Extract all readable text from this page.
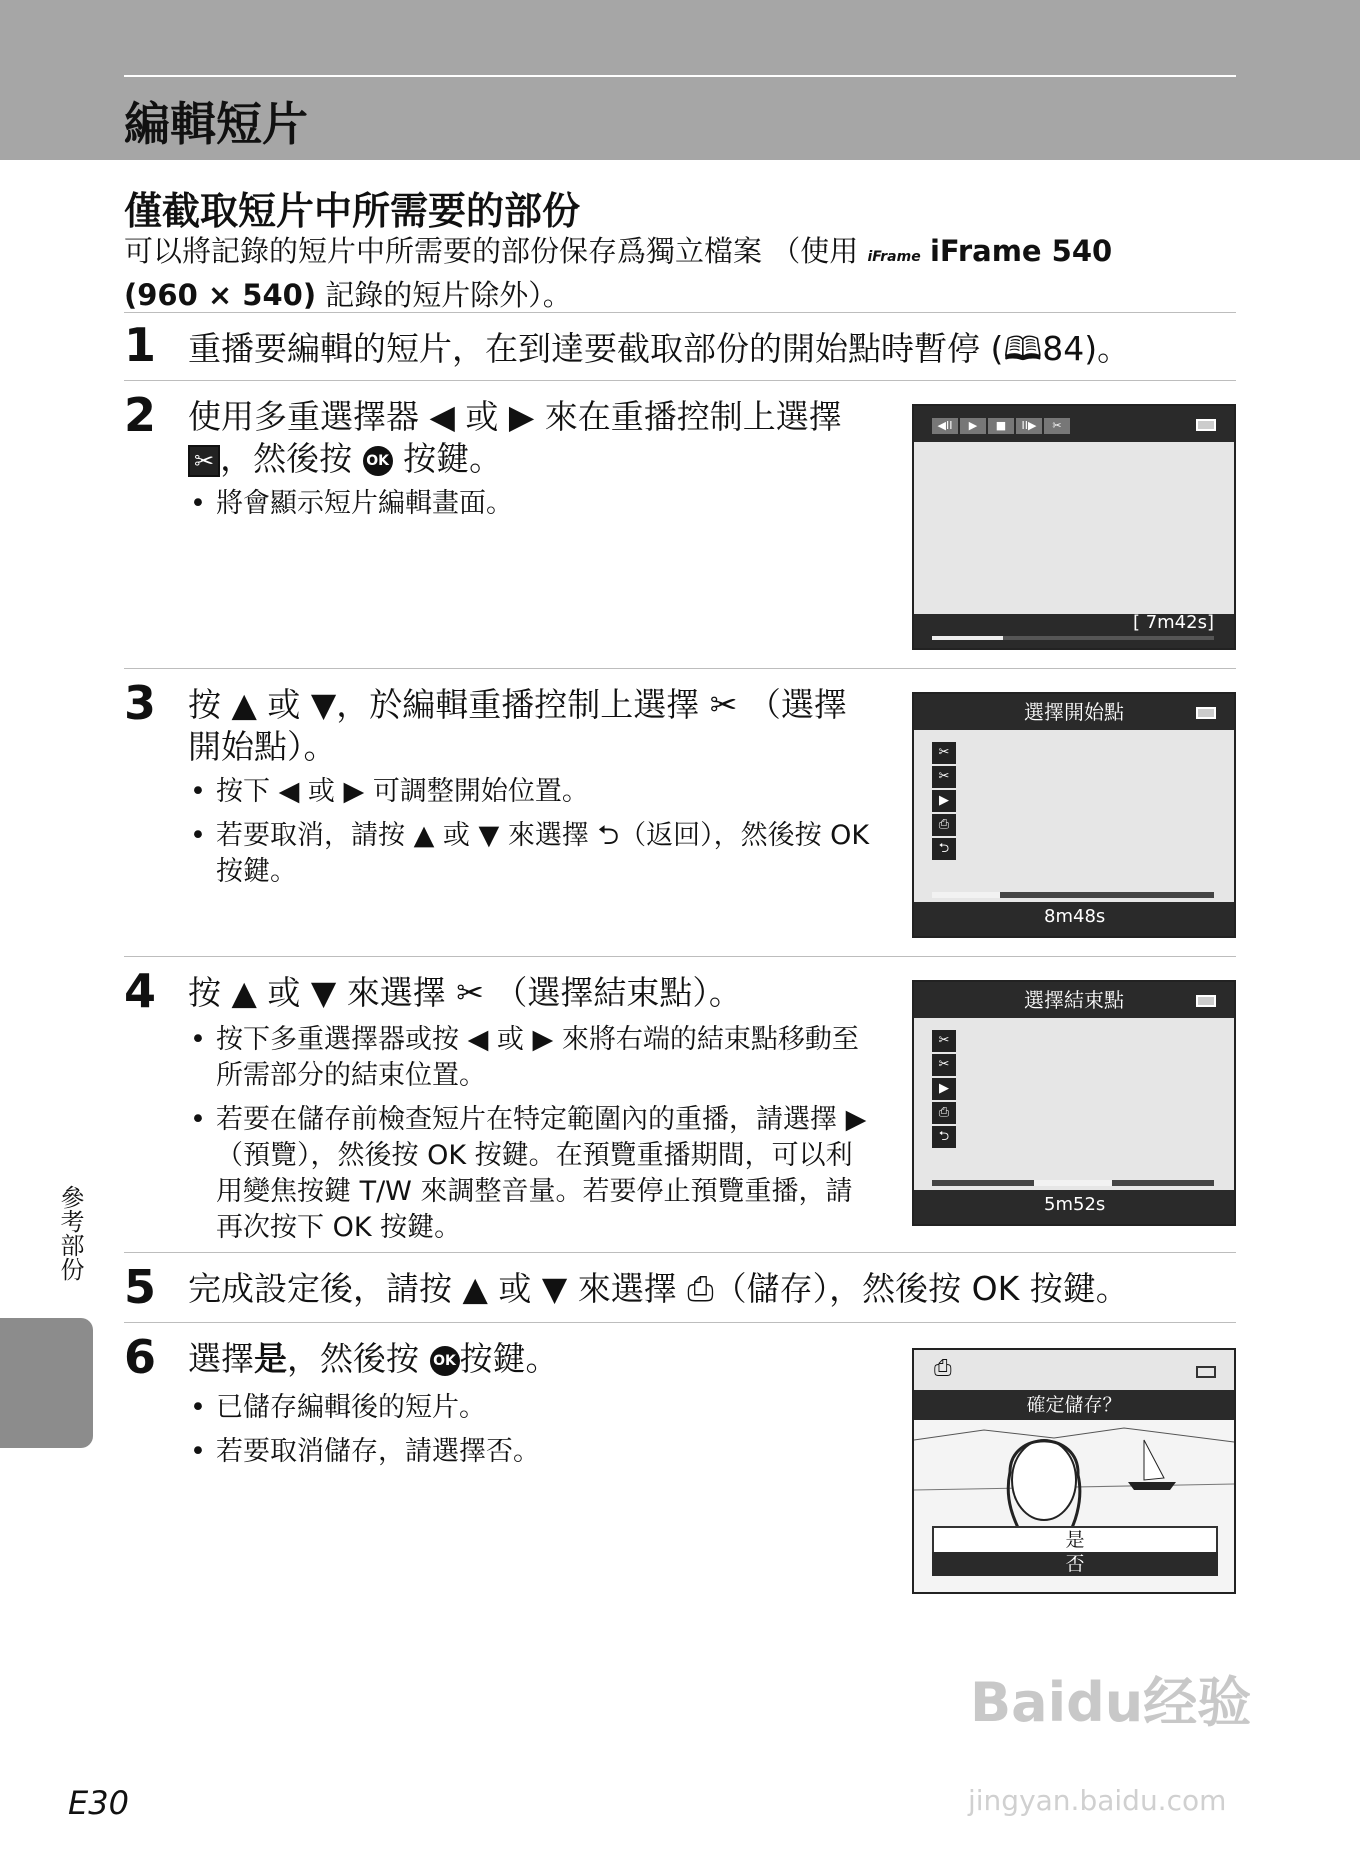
編輯短片
僅截取短片中所需要的部份
可以將記錄的短片中所需要的部份保存爲獨立檔案 （使用 iFrame iFrame 540
(960 × 540) 記錄的短片除外）。
1 重播要編輯的短片，在到達要截取部份的開始點時暫停 (🕮84)。
2 使用多重選擇器 ◀ 或 ▶ 來在重播控制上選擇 ✂ ，然後按 OK 按鍵。
• 將會顯示短片編輯畫面。
◀II	▶	■	II▶	✂
[ 7m42s]
3 按 ▲ 或 ▼，於編輯重播控制上選擇 ✂ （選擇開始點）。
• 按下 ◀ 或 ▶ 可調整開始位置。
• 若要取消，請按 ▲ 或 ▼ 來選擇 ⮌（返回），然後按 OK 按鍵。
選擇開始點
✂
✂
▶
⎙
⮌
8m48s
4 按 ▲ 或 ▼ 來選擇 ✂ （選擇結束點）。
• 按下多重選擇器或按 ◀ 或 ▶ 來將右端的結束點移動至所需部分的結束位置。
• 若要在儲存前檢查短片在特定範圍內的重播，請選擇 ▶（預覽），然後按 OK 按鍵。在預覽重播期間，可以利用變焦按鍵 T/W 來調整音量。若要停止預覽重播，請再次按下 OK 按鍵。
選擇結束點
✂
✂
▶
⎙
⮌
5m52s
5 完成設定後，請按 ▲ 或 ▼ 來選擇 ⎙（儲存），然後按 OK 按鍵。
6 選擇是，然後按 OK 按鍵。
• 已儲存編輯後的短片。
• 若要取消儲存，請選擇否。
⎙
確定儲存？
是
否
參考部份
E30
Baidu经验
jingyan.baidu.com
